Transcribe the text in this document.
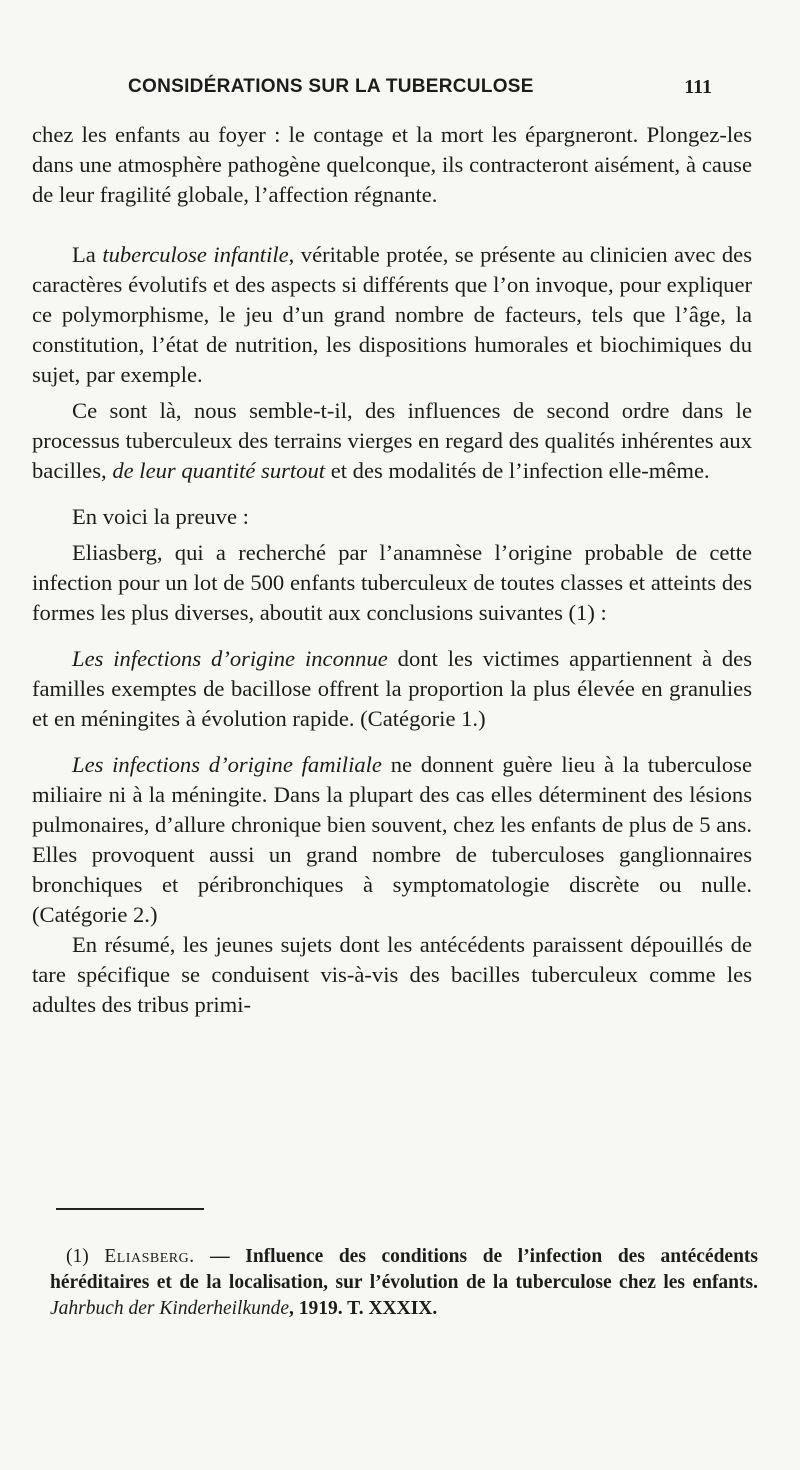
CONSIDÉRATIONS SUR LA TUBERCULOSE	111

chez les enfants au foyer : le contage et la mort les épargneront. Plongez-les dans une atmosphère pathogène quelconque, ils contracteront aisément, à cause de leur fragilité globale, l’affection régnante.

La tuberculose infantile, véritable protée, se présente au clinicien avec des caractères évolutifs et des aspects si différents que l’on invoque, pour expliquer ce polymorphisme, le jeu d’un grand nombre de facteurs, tels que l’âge, la constitution, l’état de nutrition, les dispositions humorales et biochimiques du sujet, par exemple.

Ce sont là, nous semble-t-il, des influences de second ordre dans le processus tuberculeux des terrains vierges en regard des qualités inhérentes aux bacilles, de leur quantité surtout et des modalités de l’infection elle-même.

En voici la preuve :

Eliasberg, qui a recherché par l’anamnèse l’origine probable de cette infection pour un lot de 500 enfants tuberculeux de toutes classes et atteints des formes les plus diverses, aboutit aux conclusions suivantes (1) :

Les infections d’origine inconnue dont les victimes appartiennent à des familles exemptes de bacillose offrent la proportion la plus élevée en granulies et en méningites à évolution rapide. (Catégorie 1.)

Les infections d’origine familiale ne donnent guère lieu à la tuberculose miliaire ni à la méningite. Dans la plupart des cas elles déterminent des lésions pulmonaires, d’allure chronique bien souvent, chez les enfants de plus de 5 ans. Elles provoquent aussi un grand nombre de tuberculoses ganglionnaires bronchiques et péribronchiques à symptomatologie discrète ou nulle. (Catégorie 2.)

En résumé, les jeunes sujets dont les antécédents paraissent dépouillés de tare spécifique se conduisent vis-à-vis des bacilles tuberculeux comme les adultes des tribus primi-

(1) Eliasberg. — Influence des conditions de l’infection des antécédents héréditaires et de la localisation, sur l’évolution de la tuberculose chez les enfants. Jahrbuch der Kinderheilkunde, 1919. T. XXXIX.
